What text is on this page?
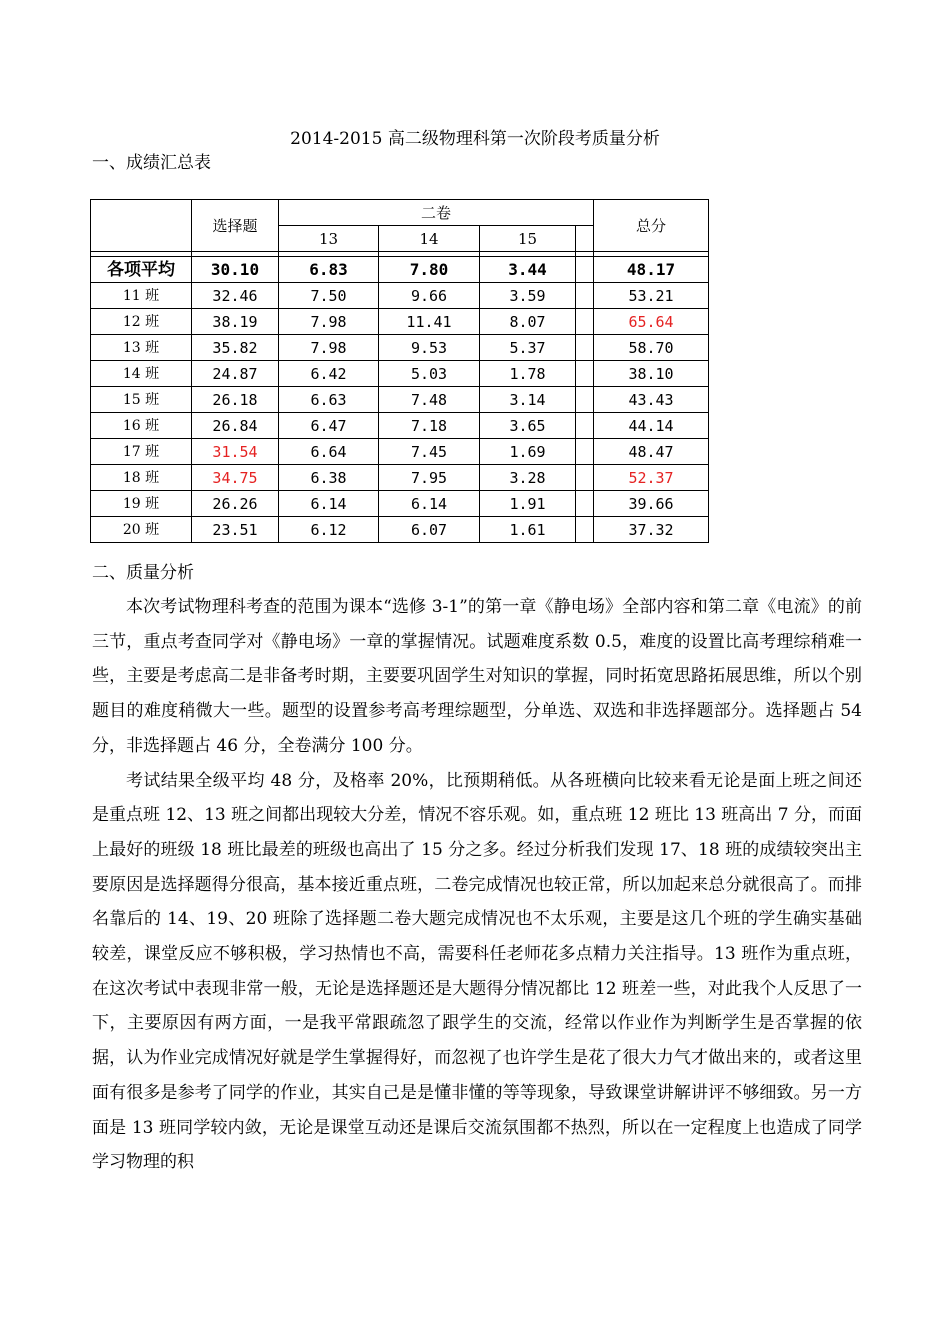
2014-2015 高二级物理科第一次阶段考质量分析
一、成绩汇总表
	选择题	二卷				总分
		13	14	15		

各项平均	30.10	6.83	7.80	3.44		48.17
11 班	32.46	7.50	9.66	3.59		53.21
12 班	38.19	7.98	11.41	8.07		65.64
13 班	35.82	7.98	9.53	5.37		58.70
14 班	24.87	6.42	5.03	1.78		38.10
15 班	26.18	6.63	7.48	3.14		43.43
16 班	26.84	6.47	7.18	3.65		44.14
17 班	31.54	6.64	7.45	1.69		48.47
18 班	34.75	6.38	7.95	3.28		52.37
19 班	26.26	6.14	6.14	1.91		39.66
20 班	23.51	6.12	6.07	1.61		37.32
二、质量分析

本次考试物理科考查的范围为课本“选修 3-1”的第一章《静电场》全部内容和第二章《电流》的前三节，重点考查同学对《静电场》一章的掌握情况。试题难度系数 0.5，难度的设置比高考理综稍难一些，主要是考虑高二是非备考时期，主要要巩固学生对知识的掌握，同时拓宽思路拓展思维，所以个别题目的难度稍微大一些。题型的设置参考高考理综题型，分单选、双选和非选择题部分。选择题占 54 分，非选择题占 46 分，全卷满分 100 分。

考试结果全级平均 48 分，及格率 20%，比预期稍低。从各班横向比较来看无论是面上班之间还是重点班 12、13 班之间都出现较大分差，情况不容乐观。如，重点班 12 班比 13 班高出 7 分，而面上最好的班级 18 班比最差的班级也高出了 15 分之多。经过分析我们发现 17、18 班的成绩较突出主要原因是选择题得分很高，基本接近重点班，二卷完成情况也较正常，所以加起来总分就很高了。而排名靠后的 14、19、20 班除了选择题二卷大题完成情况也不太乐观，主要是这几个班的学生确实基础较差，课堂反应不够积极，学习热情也不高，需要科任老师花多点精力关注指导。13 班作为重点班，在这次考试中表现非常一般，无论是选择题还是大题得分情况都比 12 班差一些，对此我个人反思了一下，主要原因有两方面，一是我平常跟疏忽了跟学生的交流，经常以作业作为判断学生是否掌握的依据，认为作业完成情况好就是学生掌握得好，而忽视了也许学生是花了很大力气才做出来的，或者这里面有很多是参考了同学的作业，其实自己是是懂非懂的等等现象，导致课堂讲解讲评不够细致。另一方面是 13 班同学较内敛，无论是课堂互动还是课后交流氛围都不热烈，所以在一定程度上也造成了同学学习物理的积
